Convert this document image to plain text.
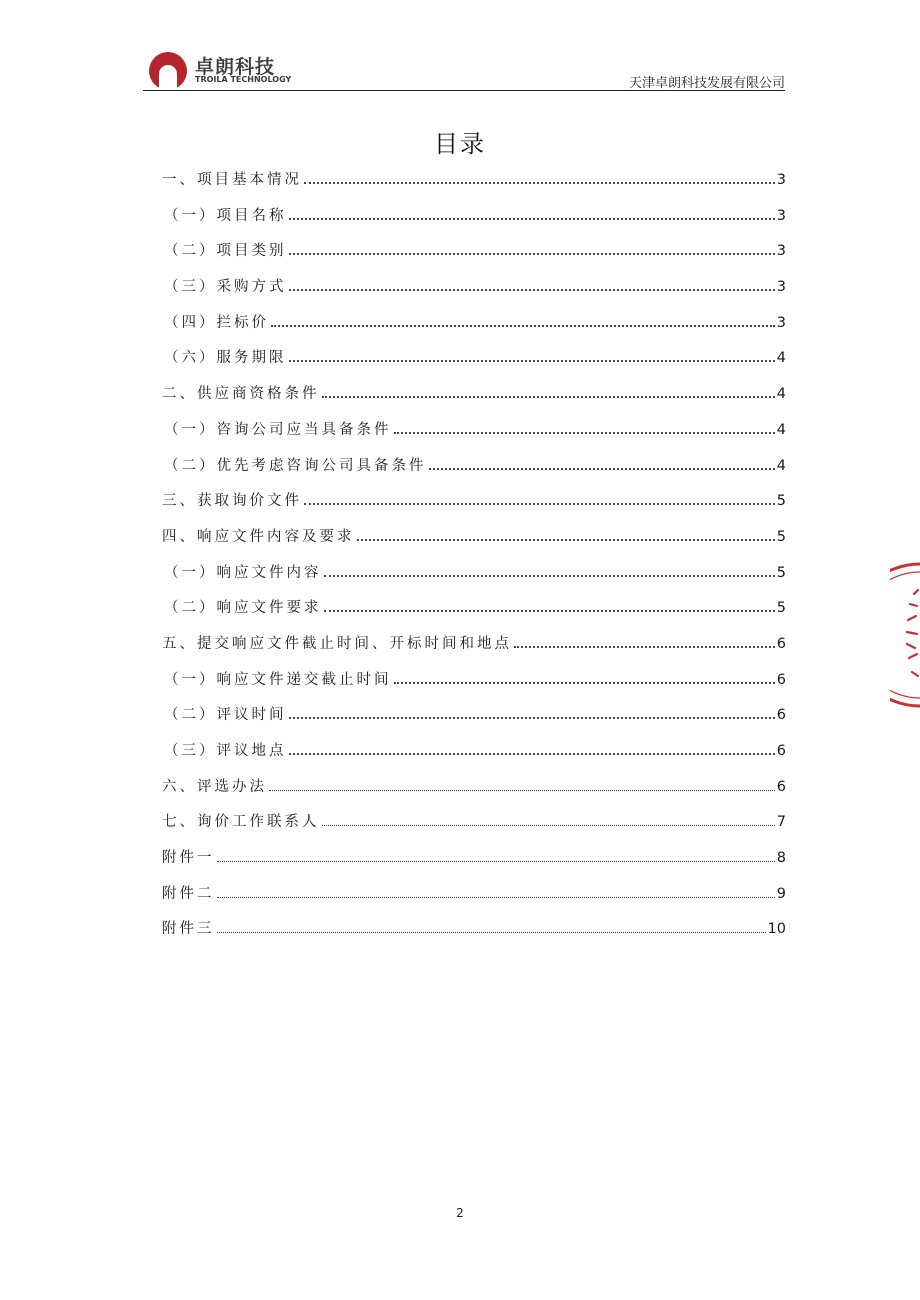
卓朗科技
TROILA TECHNOLOGY	天津卓朗科技发展有限公司
目录
一、项目基本情况	3
（一）项目名称	3
（二）项目类别	3
（三）采购方式	3
（四）拦标价	3
（六）服务期限	4
二、供应商资格条件	4
（一）咨询公司应当具备条件	4
（二）优先考虑咨询公司具备条件	4
三、获取询价文件	5
四、响应文件内容及要求	5
（一）响应文件内容	5
（二）响应文件要求	5
五、提交响应文件截止时间、开标时间和地点	6
（一）响应文件递交截止时间	6
（二）评议时间	6
（三）评议地点	6
六、评选办法	6
七、询价工作联系人	7
附件一	8
附件二	9
附件三	10
2
